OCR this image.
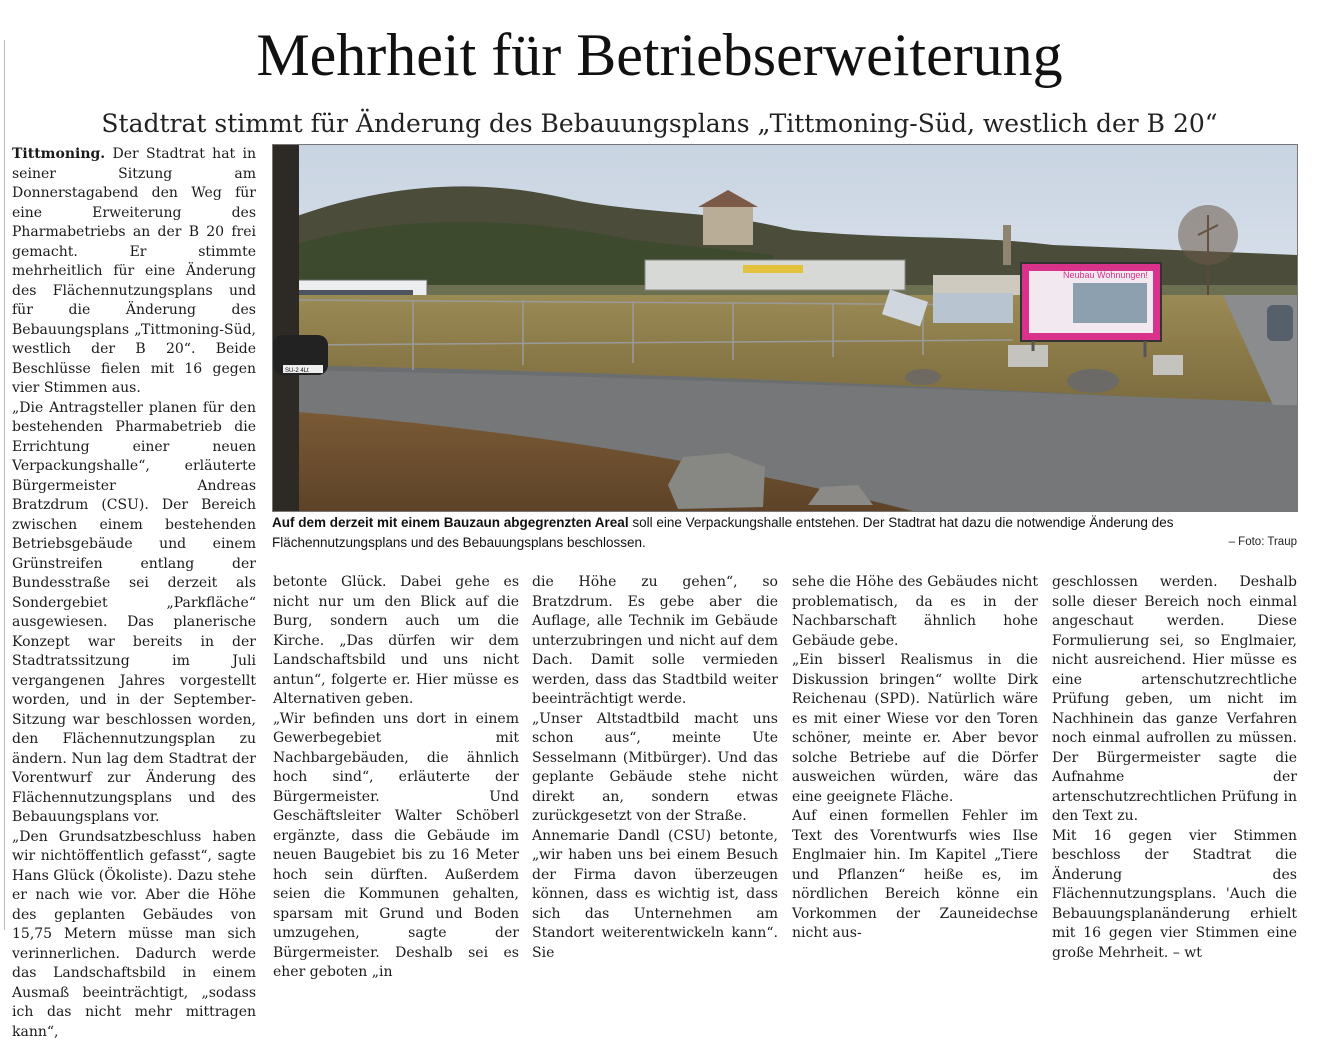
Mehrheit für Betriebserweiterung
Stadtrat stimmt für Änderung des Bebauungsplans „Tittmoning-Süd, westlich der B 20“
Tittmoning. Der Stadtrat hat in seiner Sitzung am Donnerstagabend den Weg für eine Erweiterung des Pharmabetriebs an der B 20 frei gemacht. Er stimmte mehrheitlich für eine Änderung des Flächennutzungsplans und für die Änderung des Bebauungsplans „Tittmoning-Süd, westlich der B 20“. Beide Beschlüsse fielen mit 16 gegen vier Stimmen aus.
„Die Antragsteller planen für den bestehenden Pharmabetrieb die Errichtung einer neuen Verpackungshalle“, erläuterte Bürgermeister Andreas Bratzdrum (CSU). Der Bereich zwischen einem bestehenden Betriebsgebäude und einem Grünstreifen entlang der Bundesstraße sei derzeit als Sondergebiet „Parkfläche“ ausgewiesen. Das planerische Konzept war bereits in der Stadtratssitzung im Juli vergangenen Jahres vorgestellt worden, und in der September-Sitzung war beschlossen worden, den Flächennutzungsplan zu ändern. Nun lag dem Stadtrat der Vorentwurf zur Änderung des Flächennutzungsplans und des Bebauungsplans vor.
„Den Grundsatzbeschluss haben wir nichtöffentlich gefasst“, sagte Hans Glück (Ökoliste). Dazu stehe er nach wie vor. Aber die Höhe des geplanten Gebäudes von 15,75 Metern müsse man sich verinnerlichen. Dadurch werde das Landschaftsbild in einem Ausmaß beeinträchtigt, „sodass ich das nicht mehr mittragen kann“,
Neubau Wohnungen!
SU-2 4Lt
Auf dem derzeit mit einem Bauzaun abgegrenzten Areal soll eine Verpackungshalle entstehen. Der Stadtrat hat dazu die notwendige Änderung des Flächennutzungsplans und des Bebauungsplans beschlossen.	– Foto: Traup
betonte Glück. Dabei gehe es nicht nur um den Blick auf die Burg, sondern auch um die Kirche. „Das dürfen wir dem Landschaftsbild und uns nicht antun“, folgerte er. Hier müsse es Alternativen geben.
„Wir befinden uns dort in einem Gewerbegebiet mit Nachbargebäuden, die ähnlich hoch sind“, erläuterte der Bürgermeister. Und Geschäftsleiter Walter Schöberl ergänzte, dass die Gebäude im neuen Baugebiet bis zu 16 Meter hoch sein dürften. Außerdem seien die Kommunen gehalten, sparsam mit Grund und Boden umzugehen, sagte der Bürgermeister. Deshalb sei es eher geboten „in
die Höhe zu gehen“, so Bratzdrum. Es gebe aber die Auflage, alle Technik im Gebäude unterzubringen und nicht auf dem Dach. Damit solle vermieden werden, dass das Stadtbild weiter beeinträchtigt werde.
„Unser Altstadtbild macht uns schon aus“, meinte Ute Sesselmann (Mitbürger). Und das geplante Gebäude stehe nicht direkt an, sondern etwas zurückgesetzt von der Straße.
Annemarie Dandl (CSU) betonte, „wir haben uns bei einem Besuch der Firma davon überzeugen können, dass es wichtig ist, dass sich das Unternehmen am Standort weiterentwickeln kann“. Sie
sehe die Höhe des Gebäudes nicht problematisch, da es in der Nachbarschaft ähnlich hohe Gebäude gebe.
„Ein bisserl Realismus in die Diskussion bringen“ wollte Dirk Reichenau (SPD). Natürlich wäre es mit einer Wiese vor den Toren schöner, meinte er. Aber bevor solche Betriebe auf die Dörfer ausweichen würden, wäre das eine geeignete Fläche.
Auf einen formellen Fehler im Text des Vorentwurfs wies Ilse Englmaier hin. Im Kapitel „Tiere und Pflanzen“ heiße es, im nördlichen Bereich könne ein Vorkommen der Zauneidechse nicht aus-
geschlossen werden. Deshalb solle dieser Bereich noch einmal angeschaut werden. Diese Formulierung sei, so Englmaier, nicht ausreichend. Hier müsse es eine artenschutzrechtliche Prüfung geben, um nicht im Nachhinein das ganze Verfahren noch einmal aufrollen zu müssen. Der Bürgermeister sagte die Aufnahme der artenschutzrechtlichen Prüfung in den Text zu.
Mit 16 gegen vier Stimmen beschloss der Stadtrat die Änderung des Flächennutzungsplans. 'Auch die Bebauungsplanänderung erhielt mit 16 gegen vier Stimmen eine große Mehrheit. – wt
